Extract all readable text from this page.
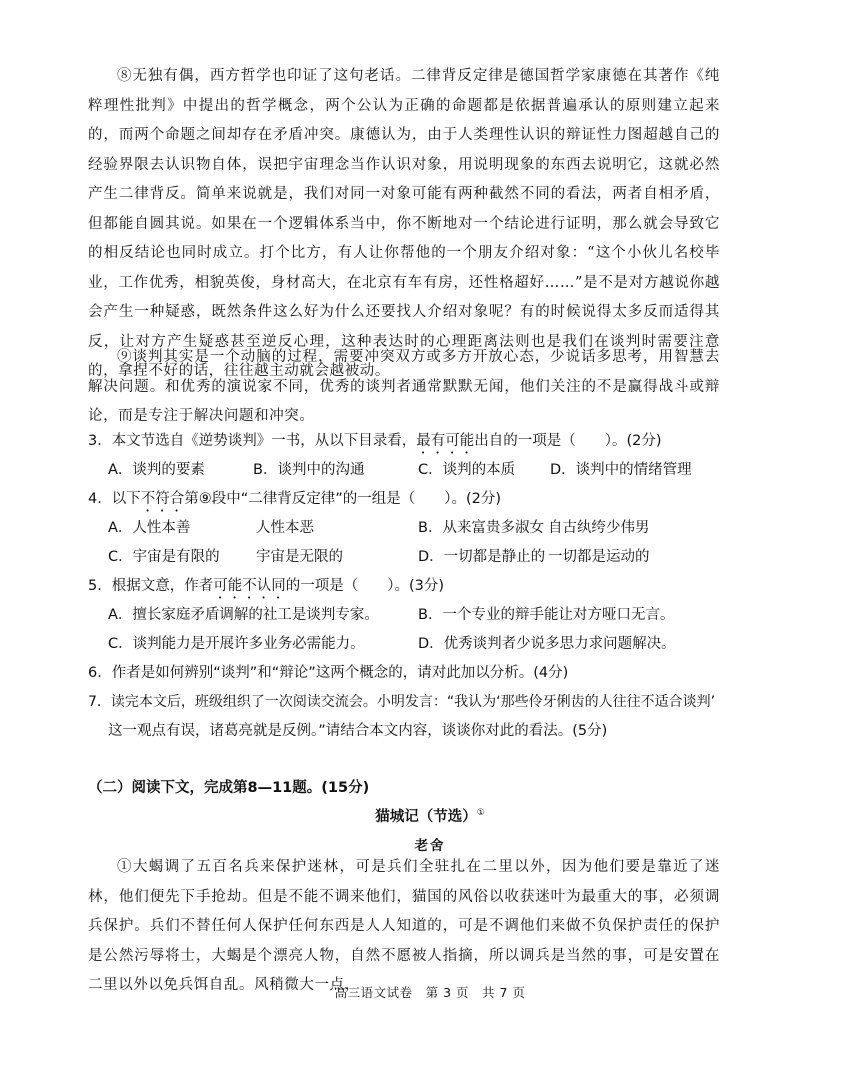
⑧无独有偶，西方哲学也印证了这句老话。二律背反定律是德国哲学家康德在其著作《纯粹理性批判》中提出的哲学概念，两个公认为正确的命题都是依据普遍承认的原则建立起来的，而两个命题之间却存在矛盾冲突。康德认为，由于人类理性认识的辩证性力图超越自己的经验界限去认识物自体，误把宇宙理念当作认识对象，用说明现象的东西去说明它，这就必然产生二律背反。简单来说就是，我们对同一对象可能有两种截然不同的看法，两者自相矛盾，但都能自圆其说。如果在一个逻辑体系当中，你不断地对一个结论进行证明，那么就会导致它的相反结论也同时成立。打个比方，有人让你帮他的一个朋友介绍对象：“这个小伙儿名校毕业，工作优秀，相貌英俊，身材高大，在北京有车有房，还性格超好……”是不是对方越说你越会产生一种疑惑，既然条件这么好为什么还要找人介绍对象呢？有的时候说得太多反而适得其反，让对方产生疑惑甚至逆反心理，这种表达时的心理距离法则也是我们在谈判时需要注意的，拿捏不好的话，往往越主动就会越被动。

⑨谈判其实是一个动脑的过程，需要冲突双方或多方开放心态，少说话多思考，用智慧去解决问题。和优秀的演说家不同，优秀的谈判者通常默默无闻，他们关注的不是赢得战斗或辩论，而是专注于解决问题和冲突。

3．本文节选自《逆势谈判》一书，从以下目录看，最有可能出自的一项是（　　）。(2分)

A．谈判的要素	B．谈判中的沟通	C．谈判的本质 D．谈判中的情绪管理

4．以下不符合第⑨段中“二律背反定律”的一组是（　　）。(2分)

A．人性本善	人性本恶	B．从来富贵多淑女 自古纨绔少伟男
C．宇宙是有限的	宇宙是无限的	D．一切都是静止的 一切都是运动的

5．根据文意，作者可能不认同的一项是（　　）。(3分)

A．擅长家庭矛盾调解的社工是谈判专家。	B．一个专业的辩手能让对方哑口无言。
C．谈判能力是开展许多业务必需能力。	D．优秀谈判者少说多思力求问题解决。

6．作者是如何辨别“谈判”和“辩论”这两个概念的，请对此加以分析。(4分)

7．读完本文后，班级组织了一次阅读交流会。小明发言：“我认为‘那些伶牙俐齿的人往往不适合谈判’

这一观点有误，诸葛亮就是反例。”请结合本文内容，谈谈你对此的看法。(5分)

（二）阅读下文，完成第8—11题。(15分)
猫城记（节选）①
老舍

①大蝎调了五百名兵来保护迷林，可是兵们全驻扎在二里以外，因为他们要是靠近了迷林，他们便先下手抢劫。但是不能不调来他们，猫国的风俗以收获迷叶为最重大的事，必须调兵保护。兵们不替任何人保护任何东西是人人知道的，可是不调他们来做不负保护责任的保护是公然污辱将士，大蝎是个漂亮人物，自然不愿被人指摘，所以调兵是当然的事，可是安置在二里以外以免兵饵自乱。风稍微大一点，

高三语文试卷　第 3 页　共 7 页
